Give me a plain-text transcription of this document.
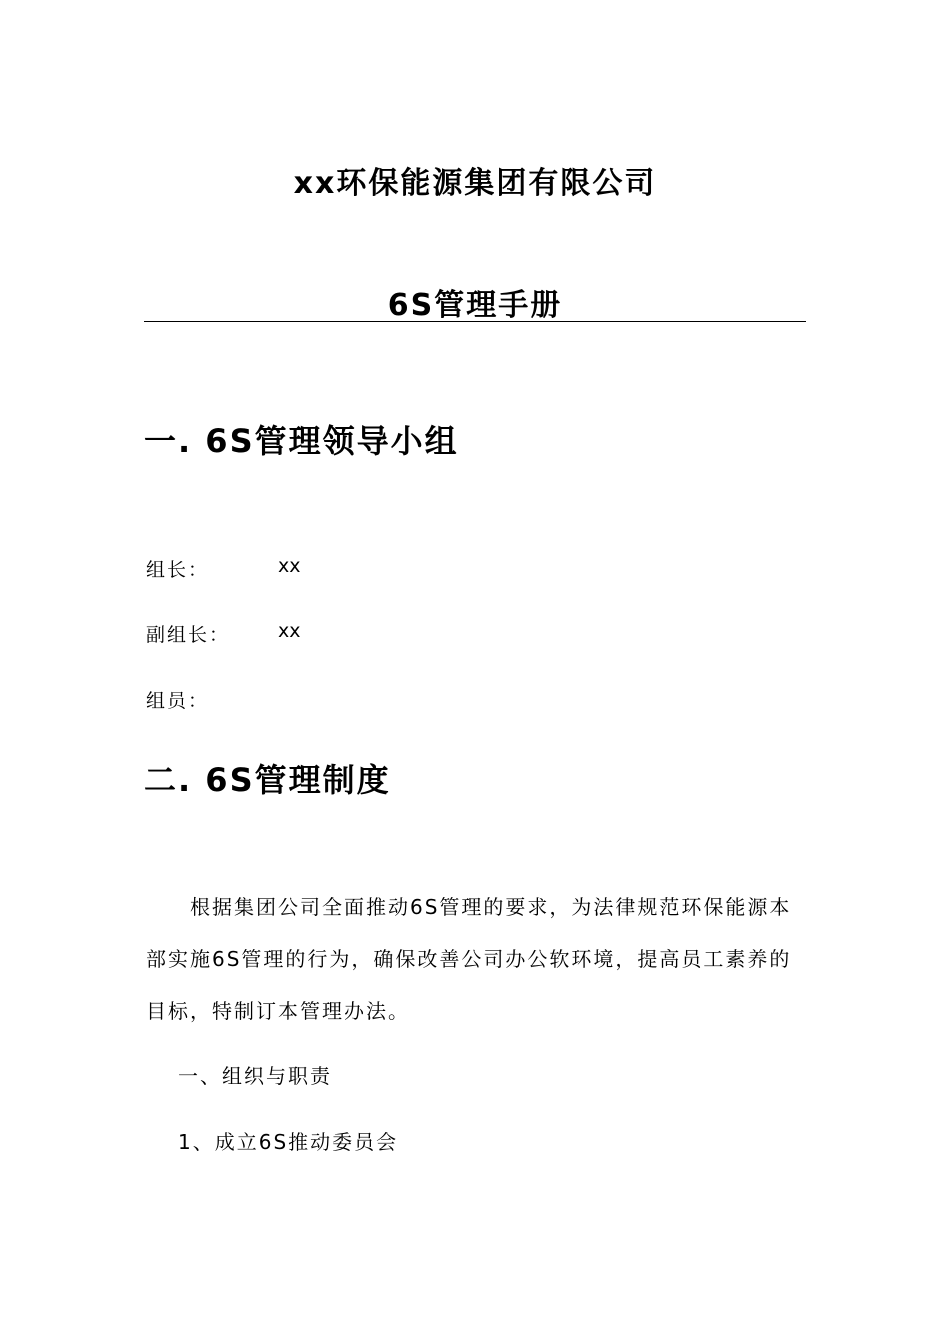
xx环保能源集团有限公司
6S管理手册
一. 6S管理领导小组
组长：	xx
副组长：	xx
组员：
二. 6S管理制度
根据集团公司全面推动6S管理的要求，为法律规范环保能源本
部实施6S管理的行为，确保改善公司办公软环境，提高员工素养的
目标，特制订本管理办法。
一、组织与职责
1、成立6S推动委员会
